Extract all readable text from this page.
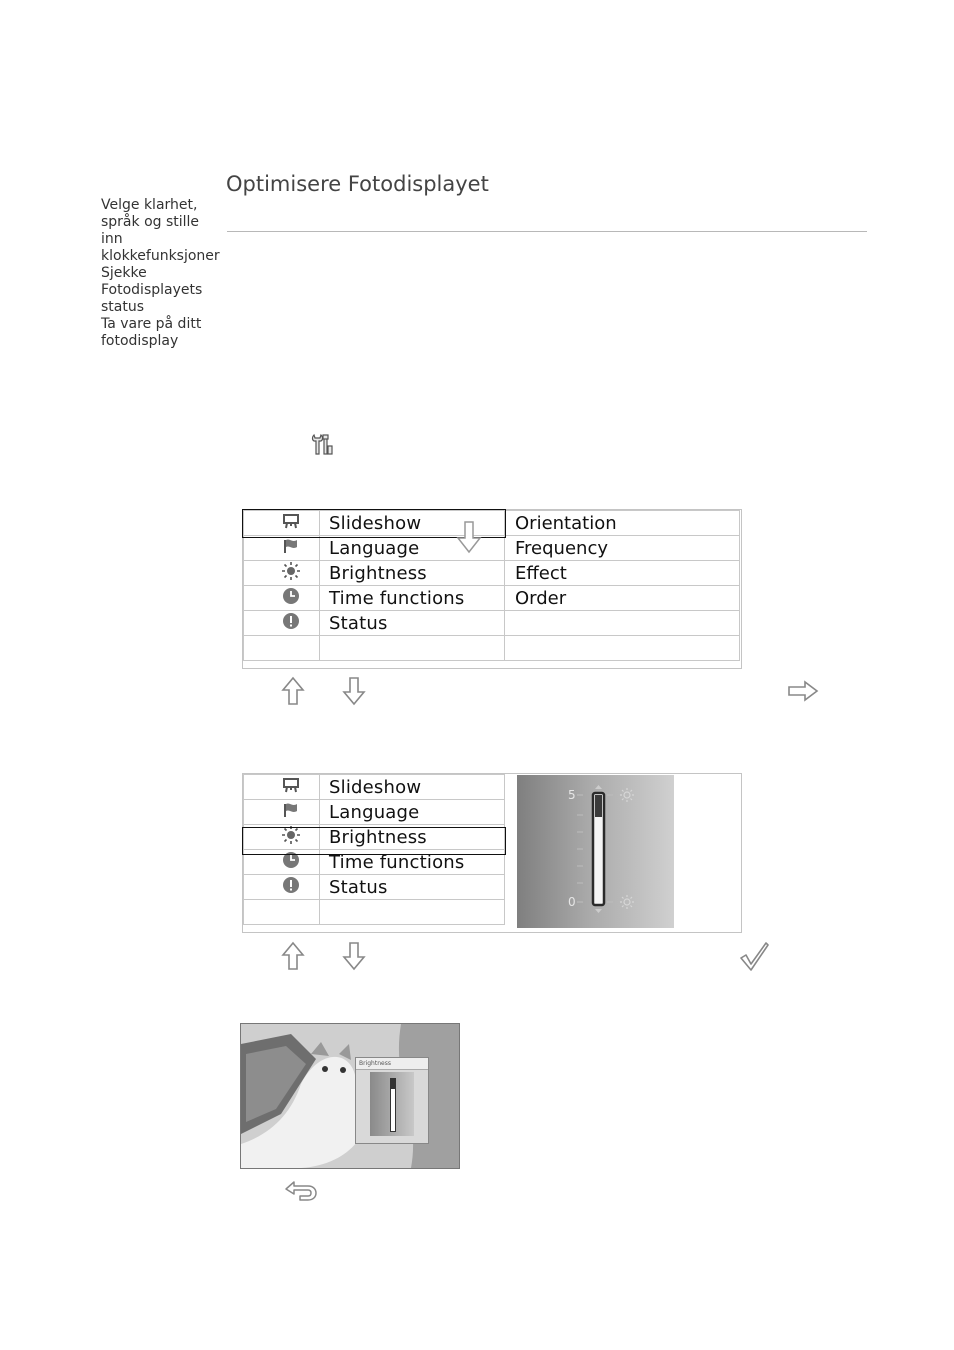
Velge klarhet, språk og stille inn klokkefunksjoner
Sjekke Fotodisplayets status
Ta vare på ditt fotodisplay
Optimisere Fotodisplayet
	Slideshow	Orientation
	Language	Frequency
	Brightness	Effect
	Time functions	Order
	Status	

	Slideshow	
	Language	
	Brightness	
	Time functions	
	Status	

5
0
Brightness
